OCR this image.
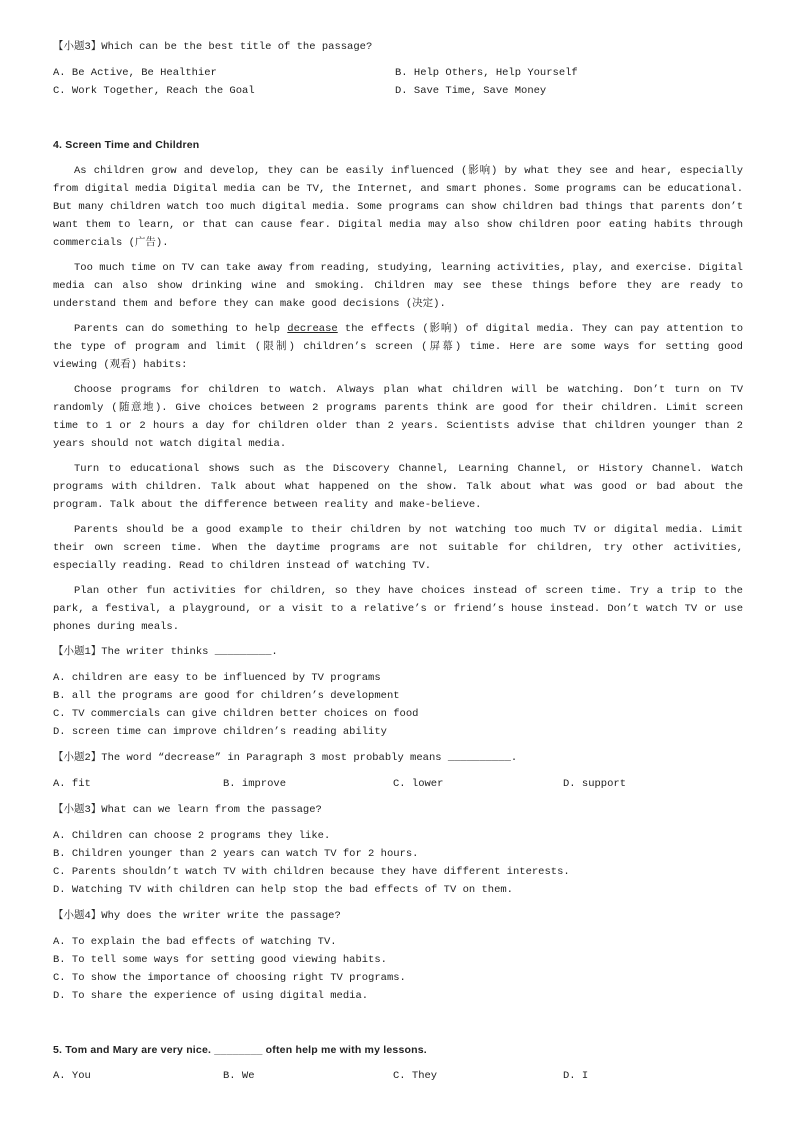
【小题3】Which can be the best title of the passage?
A. Be Active, Be Healthier	B. Help Others, Help Yourself
C. Work Together, Reach the Goal	D. Save Time, Save Money
4. Screen Time and Children

As children grow and develop, they can be easily influenced (影响) by what they see and hear, especially from digital media Digital media can be TV, the Internet, and smart phones. Some programs can be educational. But many children watch too much digital media. Some programs can show children bad things that parents don’t want them to learn, or that can cause fear. Digital media may also show children poor eating habits through commercials (广告).

Too much time on TV can take away from reading, studying, learning activities, play, and exercise. Digital media can also show drinking wine and smoking. Children may see these things before they are ready to understand them and before they can make good decisions (决定).

Parents can do something to help decrease the effects (影响) of digital media. They can pay attention to the type of program and limit (限制) children’s screen (屏幕) time. Here are some ways for setting good viewing (观看) habits:

Choose programs for children to watch. Always plan what children will be watching. Don’t turn on TV randomly (随意地). Give choices between 2 programs parents think are good for their children. Limit screen time to 1 or 2 hours a day for children older than 2 years. Scientists advise that children younger than 2 years should not watch digital media.

Turn to educational shows such as the Discovery Channel, Learning Channel, or History Channel. Watch programs with children. Talk about what happened on the show. Talk about what was good or bad about the program. Talk about the difference between reality and make-believe.

Parents should be a good example to their children by not watching too much TV or digital media. Limit their own screen time. When the daytime programs are not suitable for children, try other activities, especially reading. Read to children instead of watching TV.

Plan other fun activities for children, so they have choices instead of screen time. Try a trip to the park, a festival, a playground, or a visit to a relative’s or friend’s house instead. Don’t watch TV or use phones during meals.

【小题1】The writer thinks _________.
A. children are easy to be influenced by TV programs
B. all the programs are good for children’s development
C. TV commercials can give children better choices on food
D. screen time can improve children’s reading ability
【小题2】The word “decrease” in Paragraph 3 most probably means __________.
A. fit	B. improve	C. lower	D. support
【小题3】What can we learn from the passage?
A. Children can choose 2 programs they like.
B. Children younger than 2 years can watch TV for 2 hours.
C. Parents shouldn’t watch TV with children because they have different interests.
D. Watching TV with children can help stop the bad effects of TV on them.
【小题4】Why does the writer write the passage?
A. To explain the bad effects of watching TV.
B. To tell some ways for setting good viewing habits.
C. To show the importance of choosing right TV programs.
D. To share the experience of using digital media.
5. Tom and Mary are very nice. ________ often help me with my lessons.
A. You	B. We	C. They	D. I
